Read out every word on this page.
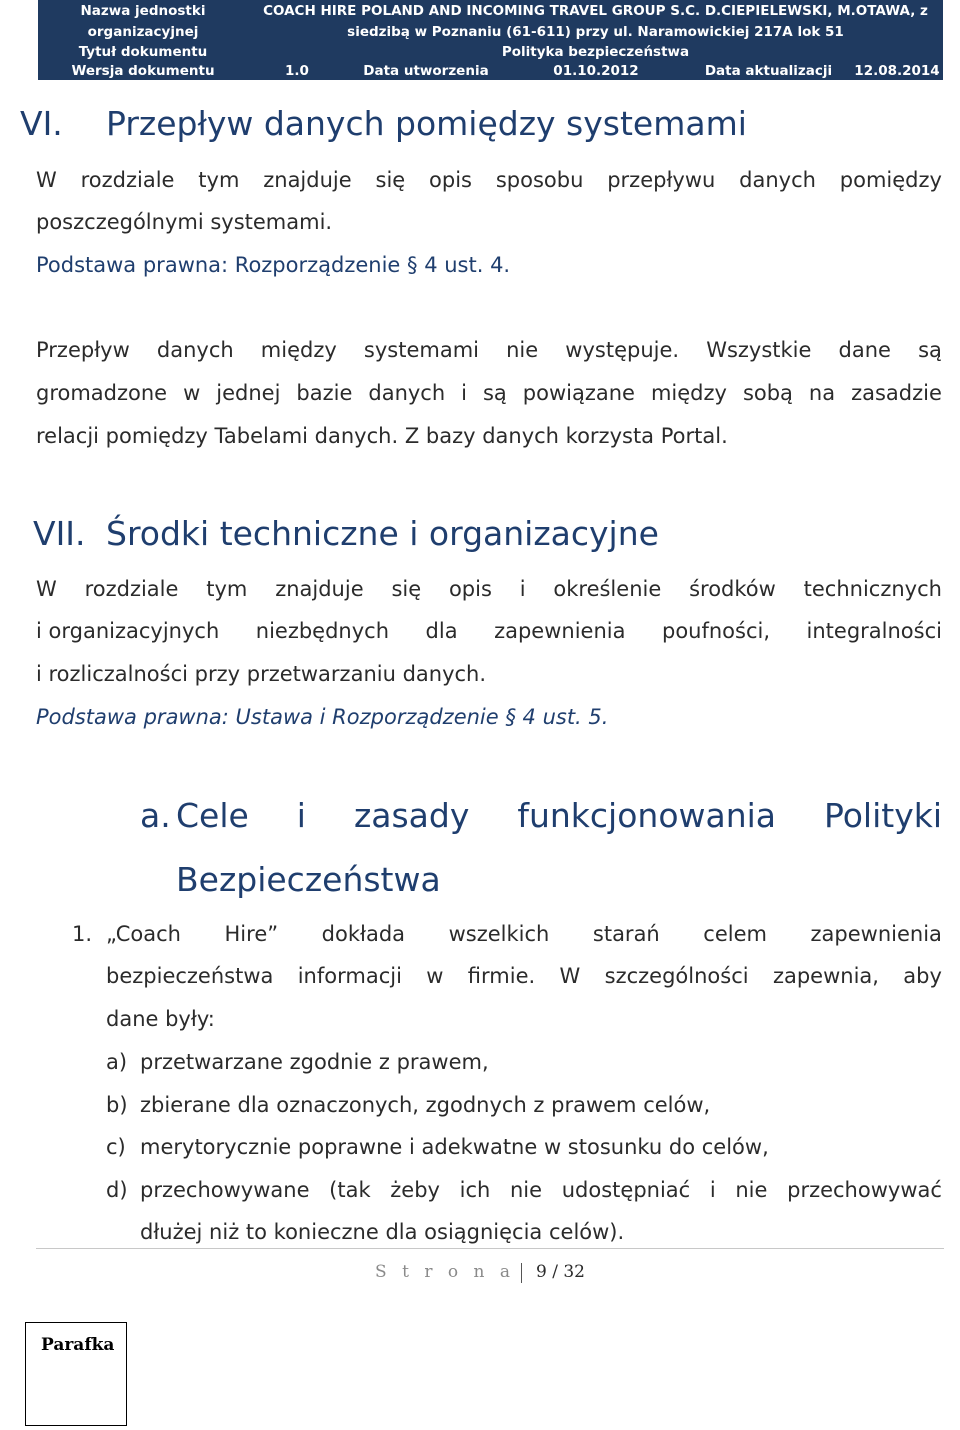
Nazwa jednostki	COACH HIRE POLAND AND INCOMING TRAVEL GROUP S.C. D.CIEPIELEWSKI, M.OTAWA, z
organizacyjnej	siedzibą w Poznaniu (61-611) przy ul. Naramowickiej 217A lok 51
Tytuł dokumentu	Polityka bezpieczeństwa
Wersja dokumentu	1.0	Data utworzenia	01.10.2012	Data aktualizacji	12.08.2014
VI. Przepływ danych pomiędzy systemami
W rozdziale tym znajduje się opis sposobu przepływu danych pomiędzy
poszczególnymi systemami.
Podstawa prawna: Rozporządzenie § 4 ust. 4.
Przepływ danych między systemami nie występuje. Wszystkie dane są
gromadzone w jednej bazie danych i są powiązane między sobą na zasadzie
relacji pomiędzy Tabelami danych. Z bazy danych korzysta Portal.
VII. Środki techniczne i organizacyjne
W rozdziale tym znajduje się opis i określenie środków technicznych
i organizacyjnych niezbędnych dla zapewnienia poufności, integralności
i rozliczalności przy przetwarzaniu danych.
Podstawa prawna: Ustawa i Rozporządzenie § 4 ust. 5.
a. Cele i zasady funkcjonowania Polityki
Bezpieczeństwa
1. „Coach Hire” dokłada wszelkich starań celem zapewnienia
bezpieczeństwa informacji w firmie. W szczególności zapewnia, aby
dane były:
a) przetwarzane zgodnie z prawem,
b) zbierane dla oznaczonych, zgodnych z prawem celów,
c) merytorycznie poprawne i adekwatne w stosunku do celów,
d) przechowywane (tak żeby ich nie udostępniać i nie przechowywać
dłużej niż to konieczne dla osiągnięcia celów).
S t r o n a 9 / 32
Parafka
